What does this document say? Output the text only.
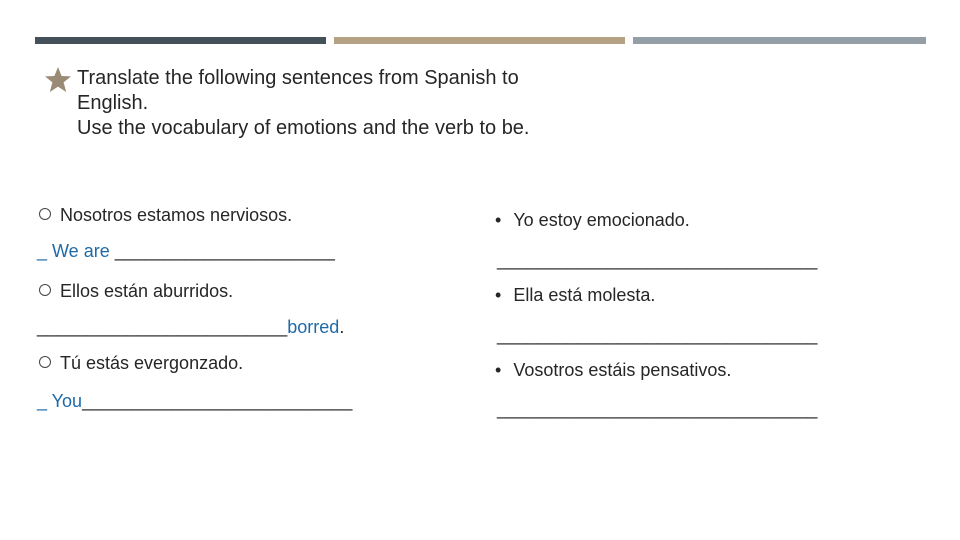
Translate the following sentences from Spanish to
English.
Use the vocabulary of emotions and the verb to be.
Nosotros estamos nerviosos.
_ We are ______________________
Ellos están aburridos.
_________________________borred.
Tú estás evergonzado.
_ You___________________________
• Yo estoy emocionado.
________________________________
• Ella está molesta.
________________________________
• Vosotros estáis pensativos.
________________________________
